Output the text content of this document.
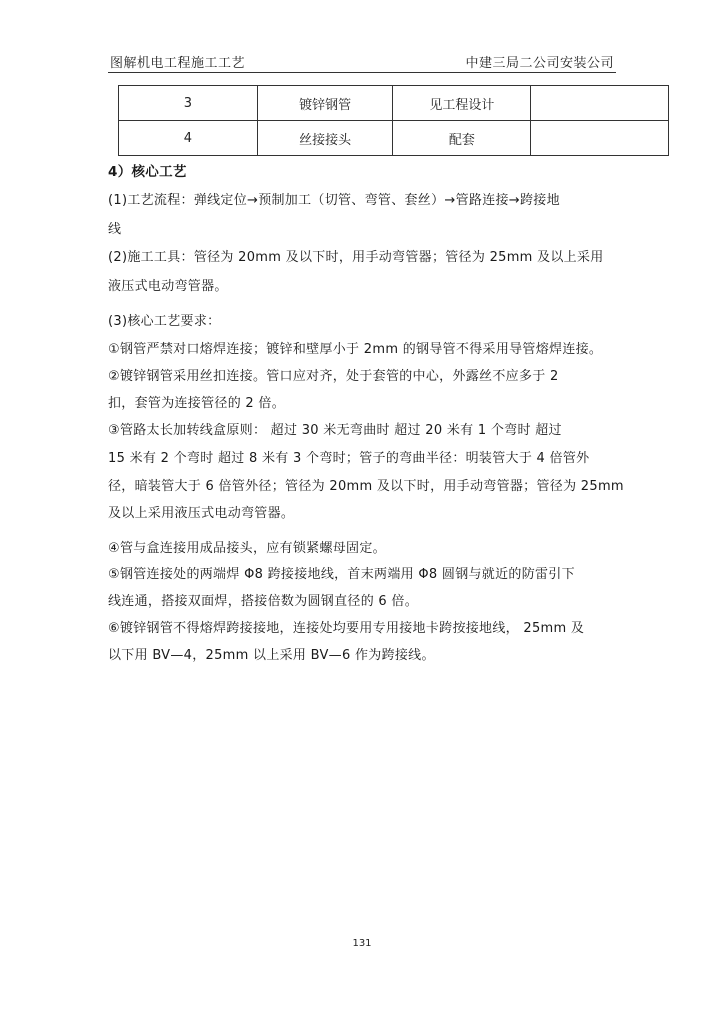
图解机电工程施工工艺	中建三局二公司安装公司
3	镀锌钢管	见工程设计	
4	丝接接头	配套	
4）核心工艺
(1)工艺流程：弹线定位→预制加工（切管、弯管、套丝）→管路连接→跨接地
线
(2)施工工具：管径为 20mm 及以下时，用手动弯管器；管径为 25mm 及以上采用
液压式电动弯管器。
(3)核心工艺要求：
①钢管严禁对口熔焊连接；镀锌和壁厚小于 2mm 的钢导管不得采用导管熔焊连接。
②镀锌钢管采用丝扣连接。管口应对齐，处于套管的中心，外露丝不应多于 2
扣，套管为连接管径的 2 倍。
③管路太长加转线盒原则： 超过 30 米无弯曲时 超过 20 米有 1 个弯时 超过
15 米有 2 个弯时 超过 8 米有 3 个弯时；管子的弯曲半径：明装管大于 4 倍管外
径，暗装管大于 6 倍管外径；管径为 20mm 及以下时，用手动弯管器；管径为 25mm
及以上采用液压式电动弯管器。
④管与盒连接用成品接头，应有锁紧螺母固定。
⑤钢管连接处的两端焊 Φ8 跨接接地线，首末两端用 Φ8 圆钢与就近的防雷引下
线连通，搭接双面焊，搭接倍数为圆钢直径的 6 倍。
⑥镀锌钢管不得熔焊跨接接地，连接处均要用专用接地卡跨按接地线， 25mm 及
以下用 BV—4，25mm 以上采用 BV—6 作为跨接线。
131
